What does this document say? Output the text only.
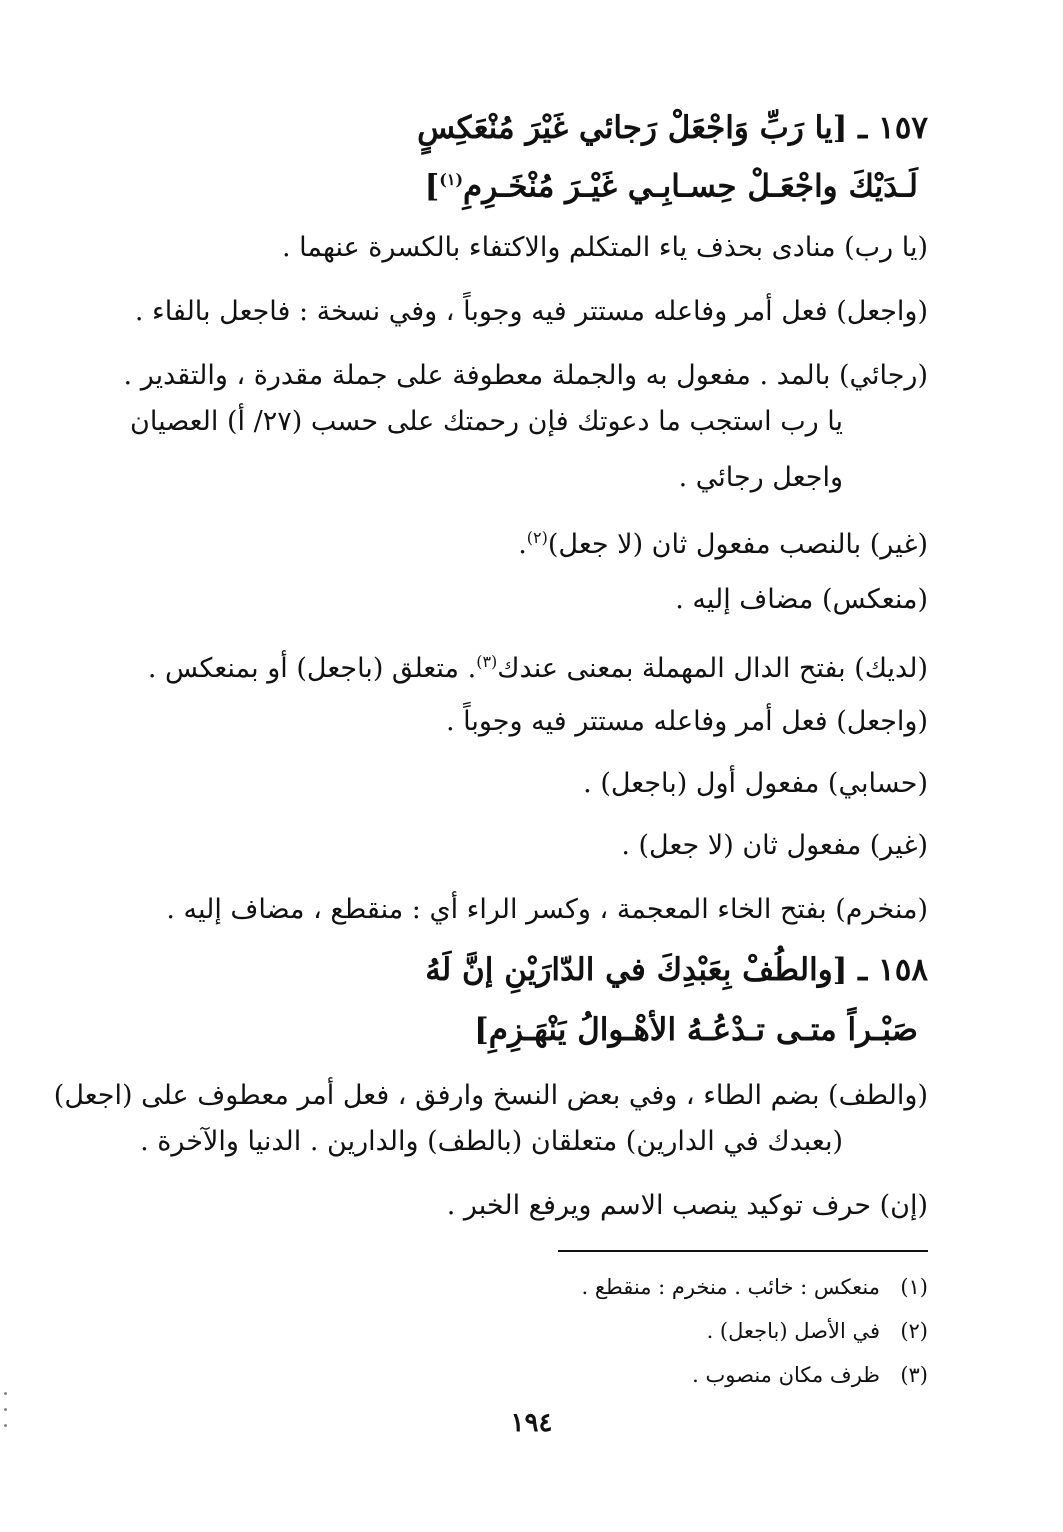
١٥٧ ـ [يا رَبِّ وَاجْعَلْ رَجائي غَيْرَ مُنْعَكِسٍ
لَـدَيْكَ واجْعَـلْ حِسـابِـي غَيْـرَ مُنْخَـرِمِ$^{(١)}$]
(يا رب) منادى بحذف ياء المتكلم والاكتفاء بالكسرة عنهما .
(واجعل) فعل أمر وفاعله مستتر فيه وجوباً ، وفي نسخة : فاجعل بالفاء .
(رجائي) بالمد . مفعول به والجملة معطوفة على جملة مقدرة ، والتقدير .
يا رب استجب ما دعوتك فإن رحمتك على حسب (٢٧/ أ) العصيان
واجعل رجائي .
(غير) بالنصب مفعول ثان (لا جعل)$^{(٢)}$.
(منعكس) مضاف إليه .
(لديك) بفتح الدال المهملة بمعنى عندك$^{(٣)}$. متعلق (باجعل) أو بمنعكس .
(واجعل) فعل أمر وفاعله مستتر فيه وجوباً .
(حسابي) مفعول أول (باجعل) .
(غير) مفعول ثان (لا جعل) .
(منخرم) بفتح الخاء المعجمة ، وكسر الراء أي : منقطع ، مضاف إليه .
١٥٨ ـ [والطُفْ بِعَبْدِكَ في الدّارَيْنِ إنَّ لَهُ
صَبْـراً متـى تـدْعُـهُ الأهْـوالُ يَنْهَـزِمِ]
(والطف) بضم الطاء ، وفي بعض النسخ وارفق ، فعل أمر معطوف على (اجعل)
(بعبدك في الدارين) متعلقان (بالطف) والدارين . الدنيا والآخرة .
(إن) حرف توكيد ينصب الاسم ويرفع الخبر .
(١)منعكس : خائب . منخرم : منقطع .
(٢)في الأصل (باجعل) .
(٣)ظرف مكان منصوب .
١٩٤
